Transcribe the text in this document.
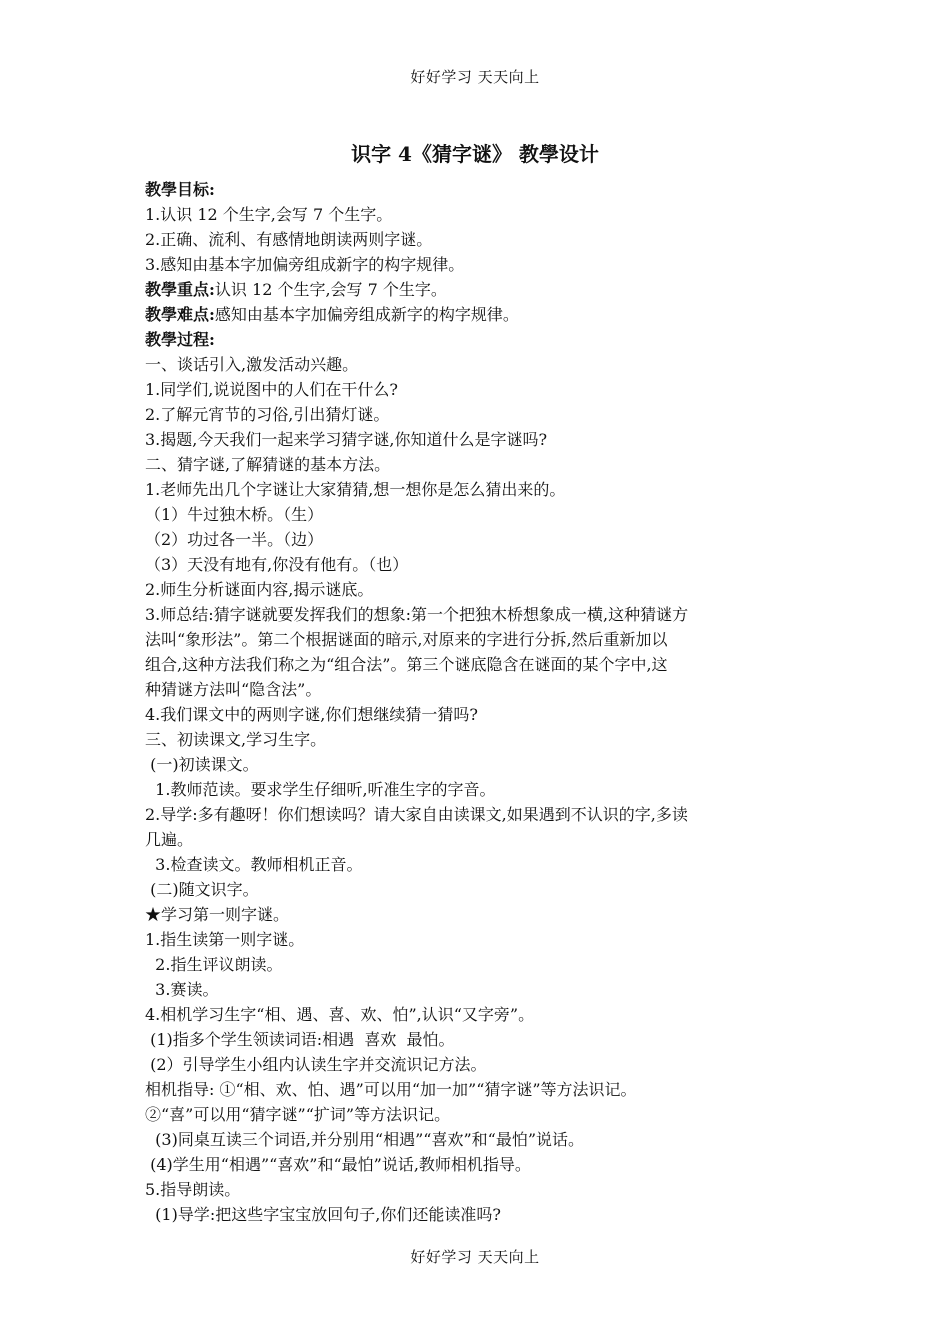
好好学习 天天向上
识字 4《猜字谜》 教學设计
教學目标:
1.认识 12 个生字,会写 7 个生字。
2.正确、流利、有感情地朗读两则字谜。
3.感知由基本字加偏旁组成新字的构字规律。
教學重点:认识 12 个生字,会写 7 个生字。
教學难点:感知由基本字加偏旁组成新字的构字规律。
教學过程:
一、谈话引入,激发活动兴趣。
1.同学们,说说图中的人们在干什么?
2.了解元宵节的习俗,引出猜灯谜。
3.揭题,今天我们一起来学习猜字谜,你知道什么是字谜吗?
二、猜字谜,了解猜谜的基本方法。
1.老师先出几个字谜让大家猜猜,想一想你是怎么猜出来的。
（1）牛过独木桥。（生）
（2）功过各一半。（边）
（3）天没有地有,你没有他有。（也）
2.师生分析谜面内容,揭示谜底。
3.师总结:猜字谜就要发挥我们的想象:第一个把独木桥想象成一横,这种猜谜方
法叫“象形法”。第二个根据谜面的暗示,对原来的字进行分拆,然后重新加以
组合,这种方法我们称之为“组合法”。第三个谜底隐含在谜面的某个字中,这
种猜谜方法叫“隐含法”。
4.我们课文中的两则字谜,你们想继续猜一猜吗?
三、初读课文,学习生字。
(一)初读课文。
1.教师范读。要求学生仔细听,听准生字的字音。
2.导学:多有趣呀！你们想读吗？请大家自由读课文,如果遇到不认识的字,多读
几遍。
3.检查读文。教师相机正音。
(二)随文识字。
★学习第一则字谜。
1.指生读第一则字谜。
2.指生评议朗读。
3.赛读。
4.相机学习生字“相、遇、喜、欢、怕”,认识“又字旁”。
(1)指多个学生领读词语:相遇  喜欢  最怕。
(2）引导学生小组内认读生字并交流识记方法。
相机指导: ①“相、欢、怕、遇”可以用“加一加”“猜字谜”等方法识记。
②“喜”可以用“猜字谜”“扩词”等方法识记。
(3)同桌互读三个词语,并分别用“相遇”“喜欢”和“最怕”说话。
(4)学生用“相遇”“喜欢”和“最怕”说话,教师相机指导。
5.指导朗读。
(1)导学:把这些字宝宝放回句子,你们还能读准吗?
好好学习 天天向上
